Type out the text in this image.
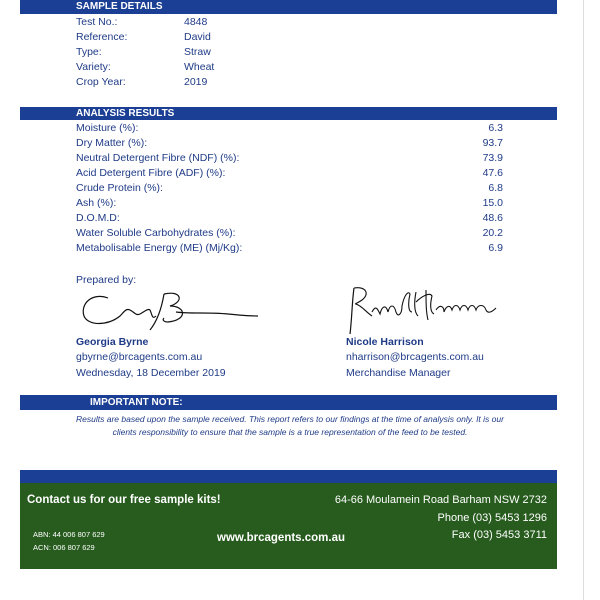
SAMPLE DETAILS
Test No.:	4848
Reference:	David
Type:	Straw
Variety:	Wheat
Crop Year:	2019
ANALYSIS RESULTS
Moisture (%):	6.3
Dry Matter (%):	93.7
Neutral Detergent Fibre (NDF) (%):	73.9
Acid Detergent Fibre (ADF) (%):	47.6
Crude Protein (%):	6.8
Ash (%):	15.0
D.O.M.D:	48.6
Water Soluble Carbohydrates (%):	20.2
Metabolisable Energy (ME) (Mj/Kg):	6.9
Prepared by:
Georgia Byrne
gbyrne@brcagents.com.au
Wednesday, 18 December 2019
Nicole Harrison
nharrison@brcagents.com.au
Merchandise Manager
IMPORTANT NOTE:
Results are based upon the sample received. This report refers to our findings at the time of analysis only. It is our clients responsibility to ensure that the sample is a true representation of the feed to be tested.
Contact us for our free sample kits!	64-66 Moulamein Road Barham NSW 2732
Phone (03) 5453 1296
Fax (03) 5453 3711
ABN: 44 006 807 629
ACN: 006 807 629
www.brcagents.com.au
